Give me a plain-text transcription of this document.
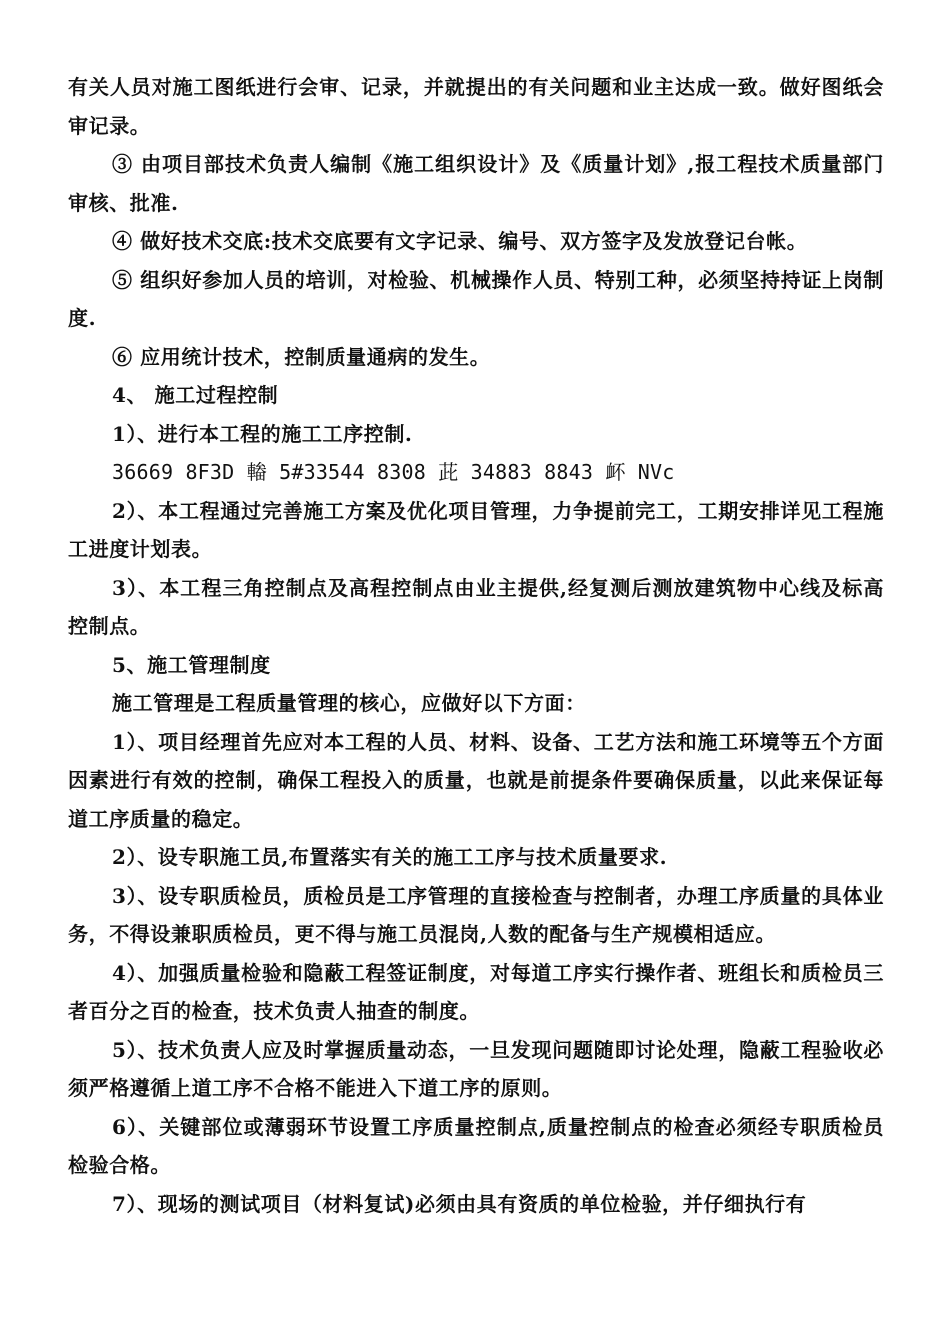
有关人员对施工图纸进行会审、记录，并就提出的有关问题和业主达成一致。做好图纸会审记录。

③ 由项目部技术负责人编制《施工组织设计》及《质量计划》,报工程技术质量部门审核、批准.

④ 做好技术交底:技术交底要有文字记录、编号、双方签字及发放登记台帐。

⑤ 组织好参加人员的培训，对检验、机械操作人员、特别工种，必须坚持持证上岗制度.

⑥ 应用统计技术，控制质量通病的发生。

4、 施工过程控制

1）、进行本工程的施工工序控制.

36669 8F3D 輽 5#33544 8308 茈 34883 8843 衃 NVc

2）、本工程通过完善施工方案及优化项目管理，力争提前完工，工期安排详见工程施工进度计划表。

3）、本工程三角控制点及高程控制点由业主提供,经复测后测放建筑物中心线及标高控制点。

5、施工管理制度

施工管理是工程质量管理的核心，应做好以下方面：

1）、项目经理首先应对本工程的人员、材料、设备、工艺方法和施工环境等五个方面因素进行有效的控制，确保工程投入的质量，也就是前提条件要确保质量，以此来保证每道工序质量的稳定。

2）、设专职施工员,布置落实有关的施工工序与技术质量要求.

3）、设专职质检员，质检员是工序管理的直接检查与控制者，办理工序质量的具体业务，不得设兼职质检员，更不得与施工员混岗,人数的配备与生产规模相适应。

4）、加强质量检验和隐蔽工程签证制度，对每道工序实行操作者、班组长和质检员三者百分之百的检查，技术负责人抽查的制度。

5）、技术负责人应及时掌握质量动态，一旦发现问题随即讨论处理，隐蔽工程验收必须严格遵循上道工序不合格不能进入下道工序的原则。

6）、关键部位或薄弱环节设置工序质量控制点,质量控制点的检查必须经专职质检员检验合格。

7）、现场的测试项目（材料复试)必须由具有资质的单位检验，并仔细执行有
